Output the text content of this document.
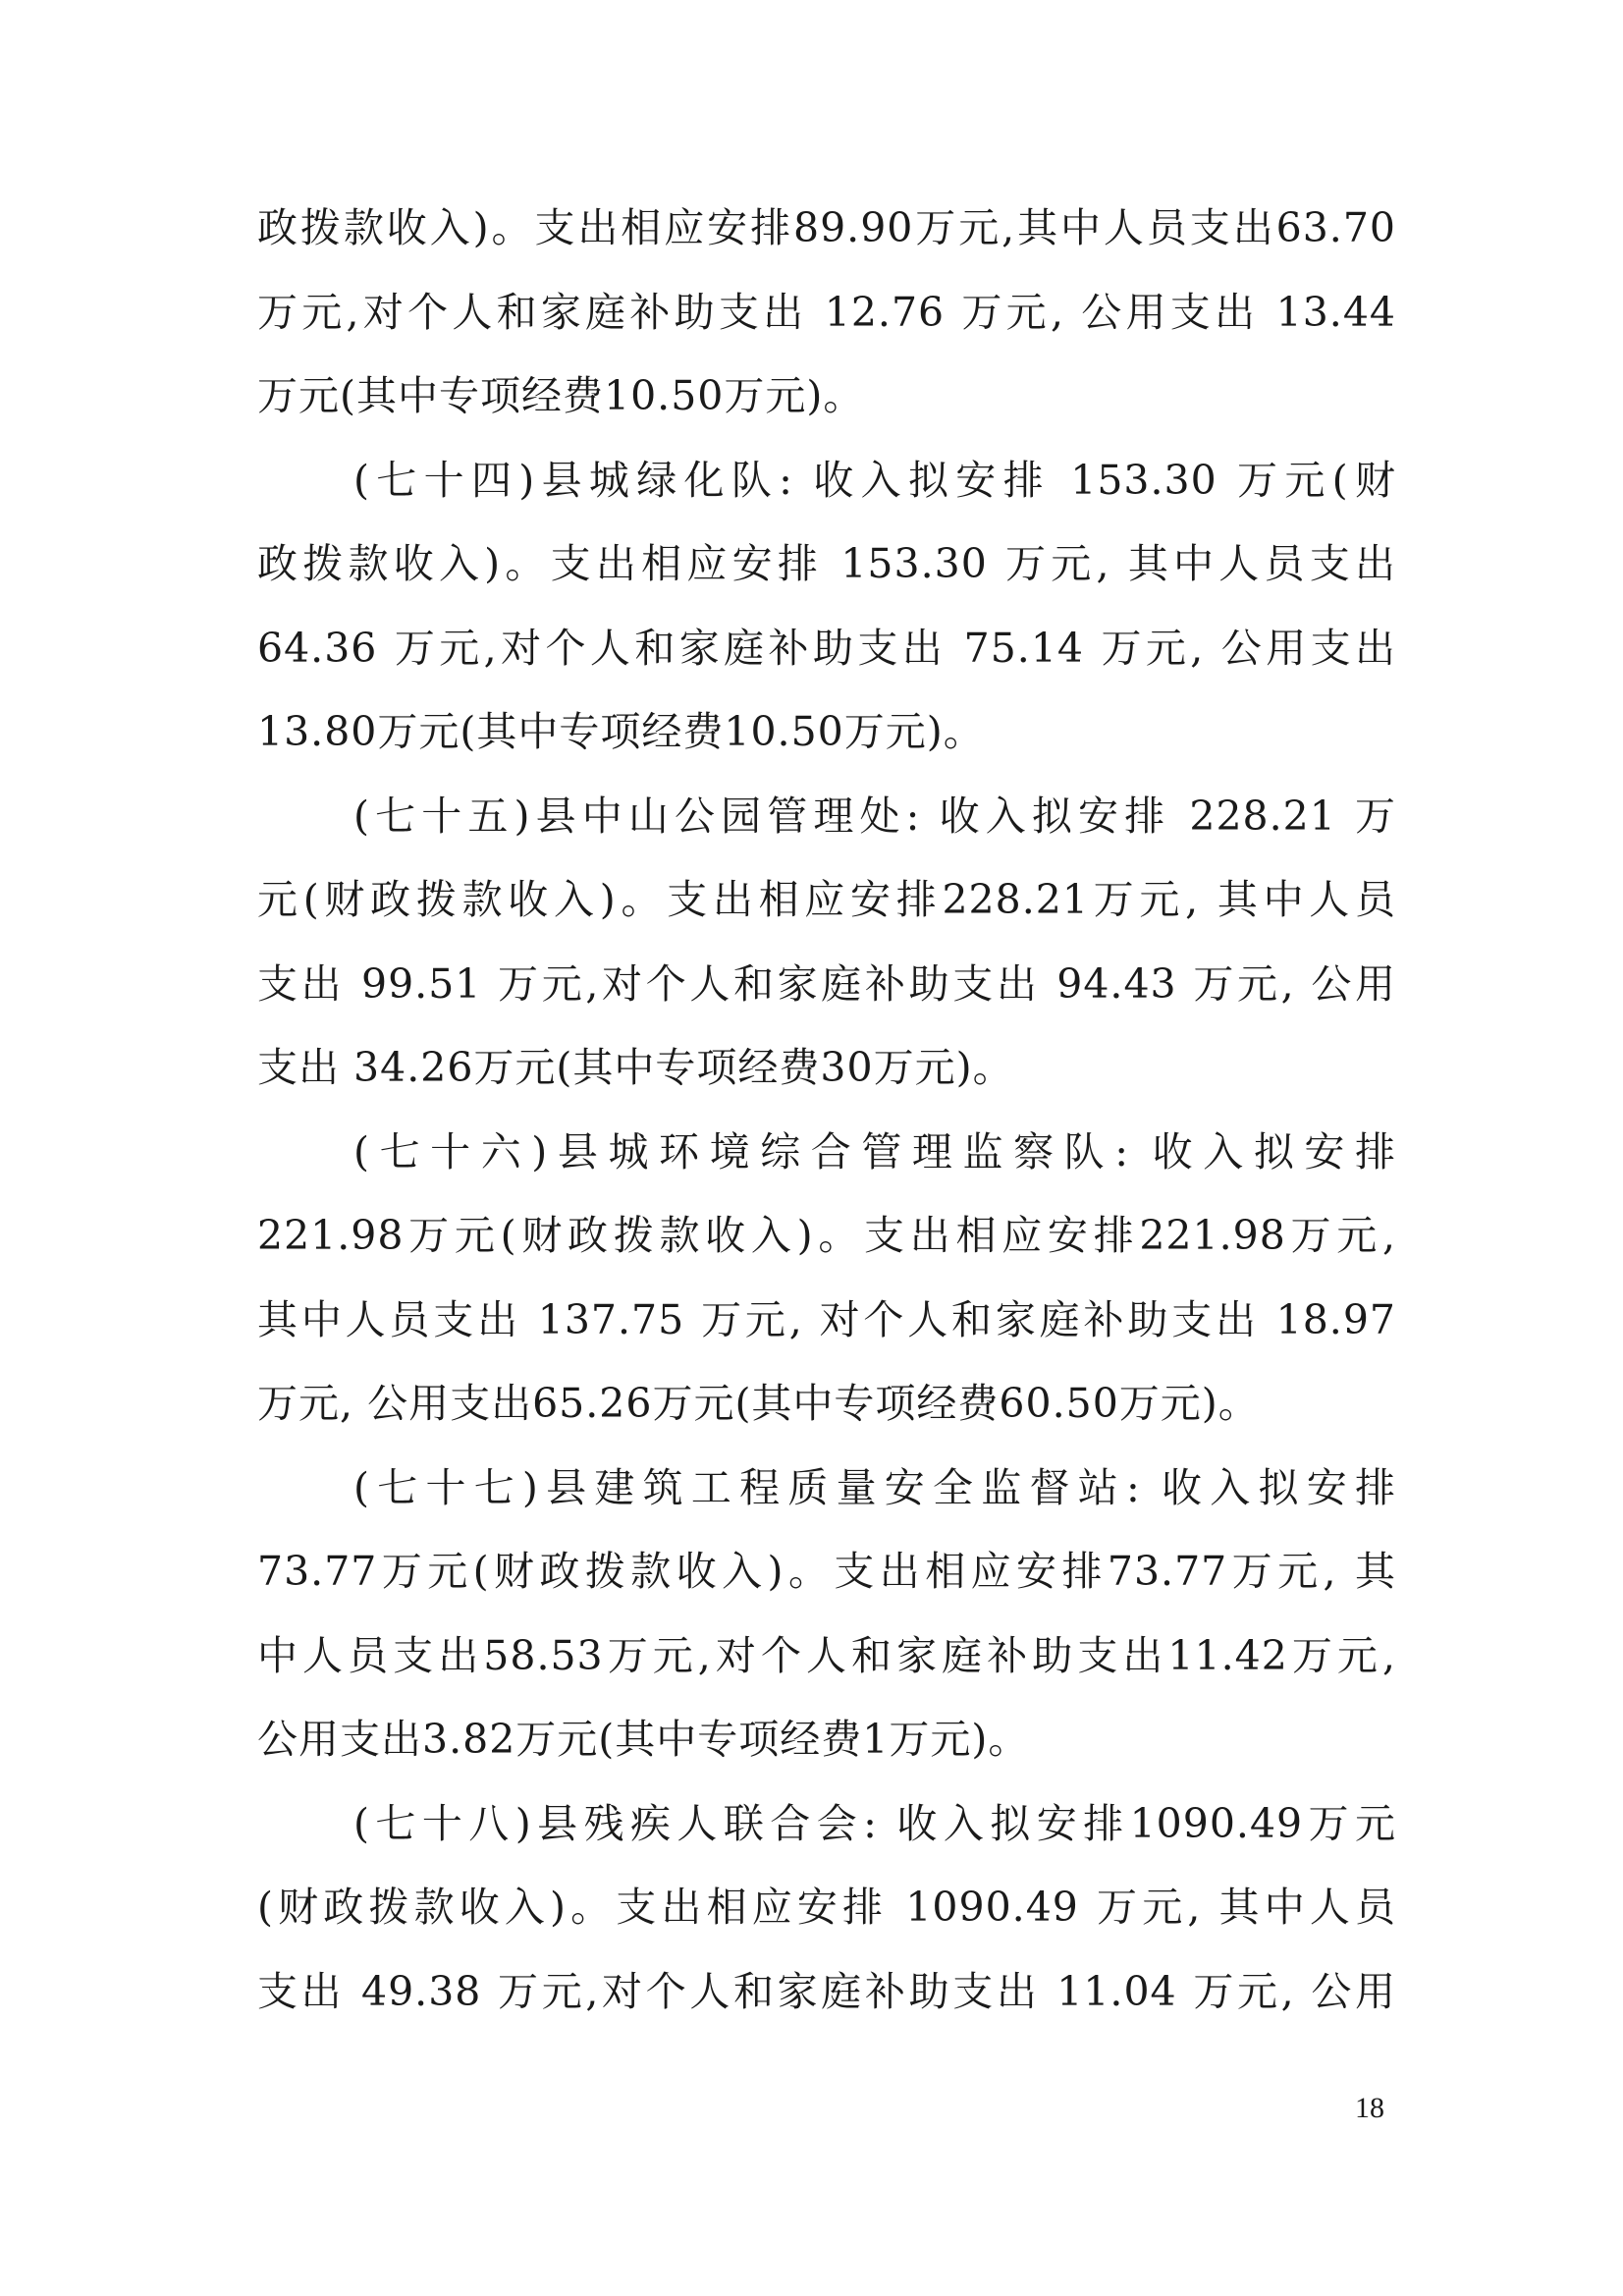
政拨款收入)。支出相应安排89.90万元,其中人员支出63.70
万元,对个人和家庭补助支出 12.76 万元, 公用支出 13.44
万元(其中专项经费10.50万元)。
(七十四)县城绿化队: 收入拟安排 153.30 万元(财
政拨款收入)。支出相应安排 153.30 万元, 其中人员支出
64.36 万元,对个人和家庭补助支出 75.14 万元, 公用支出
13.80万元(其中专项经费10.50万元)。
(七十五)县中山公园管理处: 收入拟安排 228.21 万
元(财政拨款收入)。支出相应安排228.21万元, 其中人员
支出 99.51 万元,对个人和家庭补助支出 94.43 万元, 公用
支出 34.26万元(其中专项经费30万元)。
(七十六)县城环境综合管理监察队: 收入拟安排
221.98万元(财政拨款收入)。支出相应安排221.98万元,
其中人员支出 137.75 万元, 对个人和家庭补助支出 18.97
万元, 公用支出65.26万元(其中专项经费60.50万元)。
(七十七)县建筑工程质量安全监督站: 收入拟安排
73.77万元(财政拨款收入)。支出相应安排73.77万元, 其
中人员支出58.53万元,对个人和家庭补助支出11.42万元,
公用支出3.82万元(其中专项经费1万元)。
(七十八)县残疾人联合会: 收入拟安排1090.49万元
(财政拨款收入)。支出相应安排 1090.49 万元, 其中人员
支出 49.38 万元,对个人和家庭补助支出 11.04 万元, 公用
18
